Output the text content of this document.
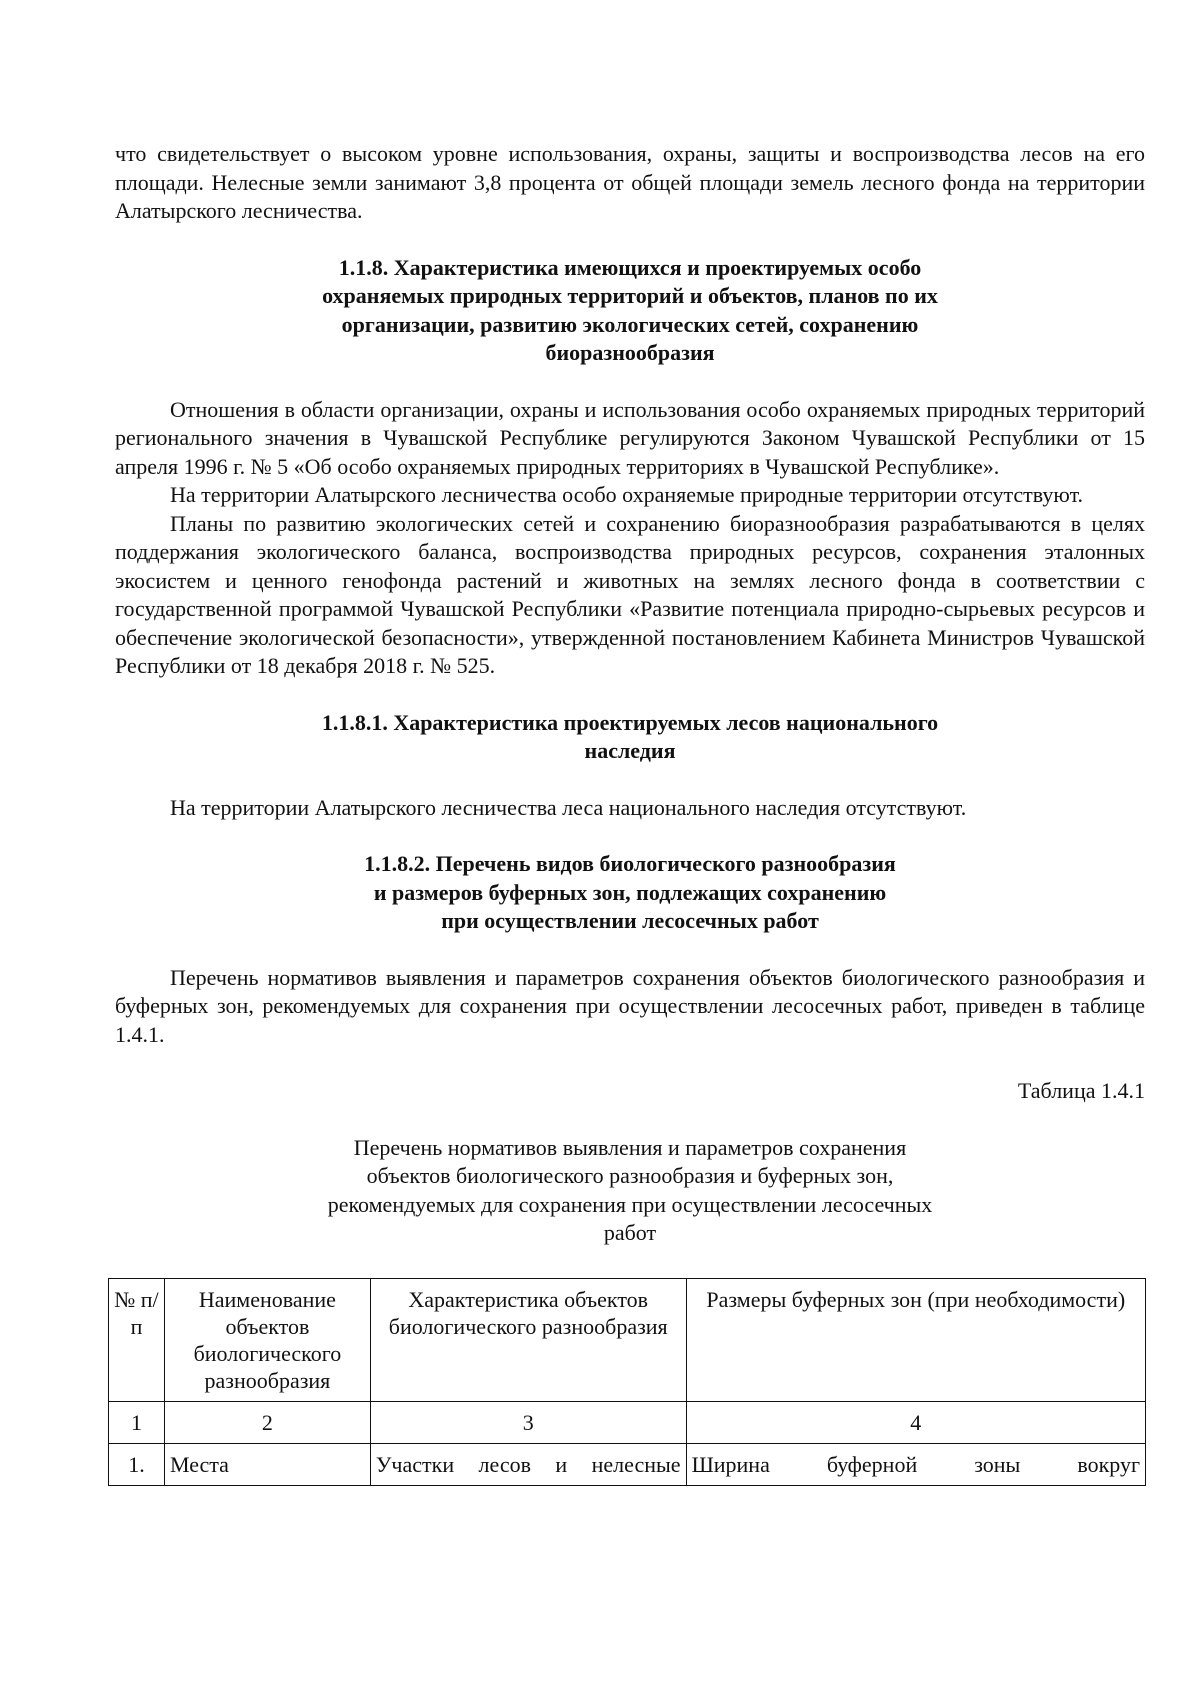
что свидетельствует о высоком уровне использования, охраны, защиты и воспроизводства лесов на его площади. Нелесные земли занимают 3,8 процента от общей площади земель лесного фонда на территории Алатырского лесничества.

1.1.8. Характеристика имеющихся и проектируемых особо
охраняемых природных территорий и объектов, планов по их
организации, развитию экологических сетей, сохранению
биоразнообразия

Отношения в области организации, охраны и использования особо охраняемых природных территорий регионального значения в Чувашской Республике регулируются Законом Чувашской Республики от 15 апреля 1996 г. № 5 «Об особо охраняемых природных территориях в Чувашской Республике».

На территории Алатырского лесничества особо охраняемые природные территории отсутствуют.

Планы по развитию экологических сетей и сохранению биоразнообразия разрабатываются в целях поддержания экологического баланса, воспроизводства природных ресурсов, сохранения эталонных экосистем и ценного генофонда растений и животных на землях лесного фонда в соответствии с государственной программой Чувашской Республики «Развитие потенциала природно-сырьевых ресурсов и обеспечение экологической безопасности», утвержденной постановлением Кабинета Министров Чувашской Республики от 18 декабря 2018 г. № 525.

1.1.8.1. Характеристика проектируемых лесов национального
наследия

На территории Алатырского лесничества леса национального наследия отсутствуют.

1.1.8.2. Перечень видов биологического разнообразия
и размеров буферных зон, подлежащих сохранению
при осуществлении лесосечных работ

Перечень нормативов выявления и параметров сохранения объектов биологического разнообразия и буферных зон, рекомендуемых для сохранения при осуществлении лесосечных работ, приведен в таблице 1.4.1.

Таблица 1.4.1

Перечень нормативов выявления и параметров сохранения
объектов биологического разнообразия и буферных зон,
рекомендуемых для сохранения при осуществлении лесосечных
работ

№ п/п	Наименование объектов биологического разнообразия	Характеристика объектов биологического разнообразия	Размеры буферных зон (при необходимости)
1	2	3	4
1.	Места	Участки лесов и нелесные	Ширина буферной зоны вокруг
